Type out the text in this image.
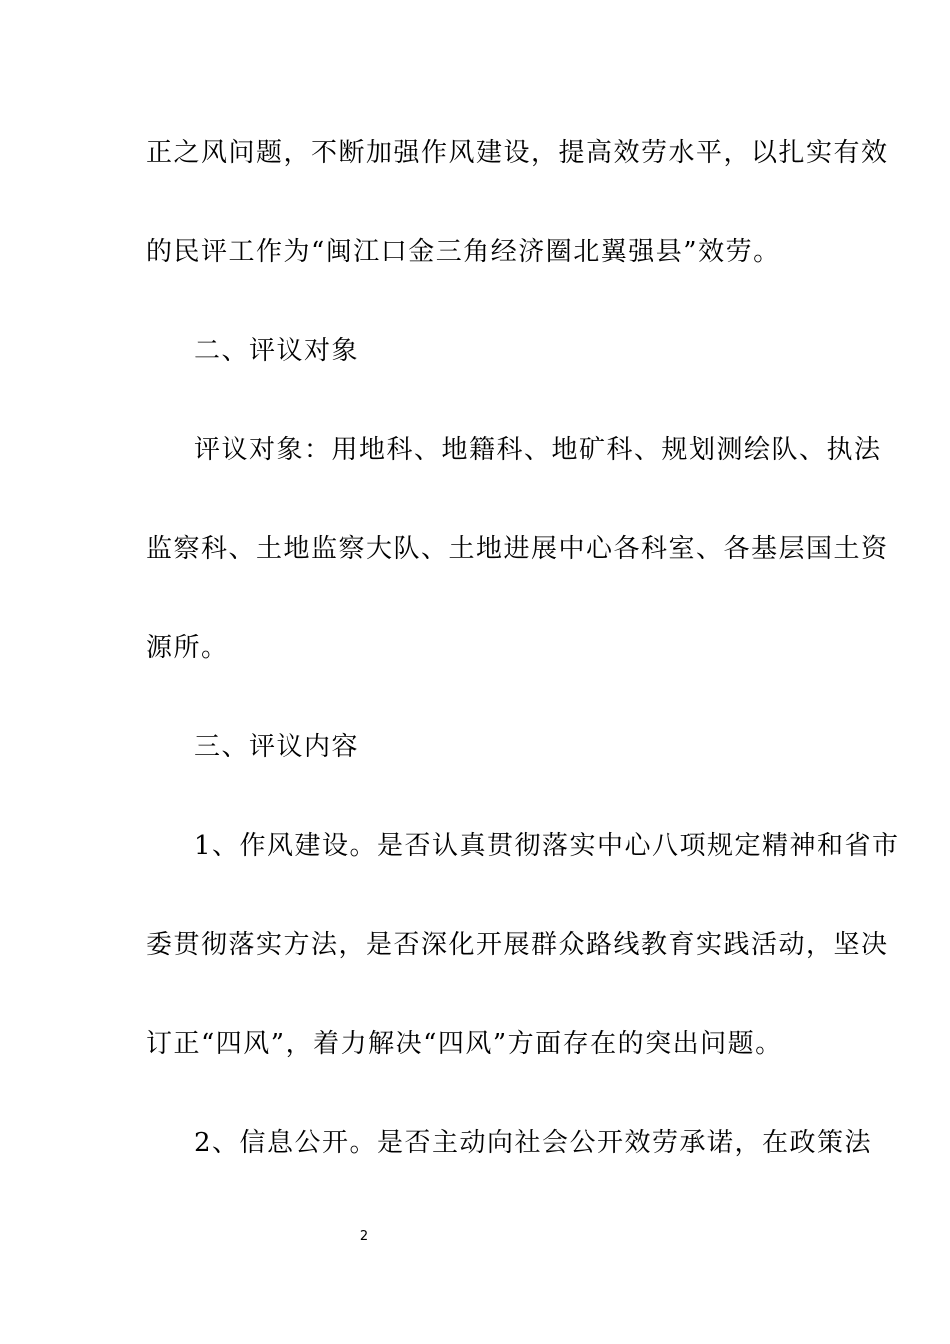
正之风问题，不断加强作风建设，提高效劳水平，以扎实有效
的民评工作为“闽江口金三角经济圈北翼强县”效劳。
二、评议对象
评议对象：用地科、地籍科、地矿科、规划测绘队、执法
监察科、土地监察大队、土地进展中心各科室、各基层国土资
源所。
三、评议内容
1、作风建设。是否认真贯彻落实中心八项规定精神和省市
委贯彻落实方法，是否深化开展群众路线教育实践活动，坚决
订正“四风”，着力解决“四风”方面存在的突出问题。
2、信息公开。是否主动向社会公开效劳承诺，在政策法
2
